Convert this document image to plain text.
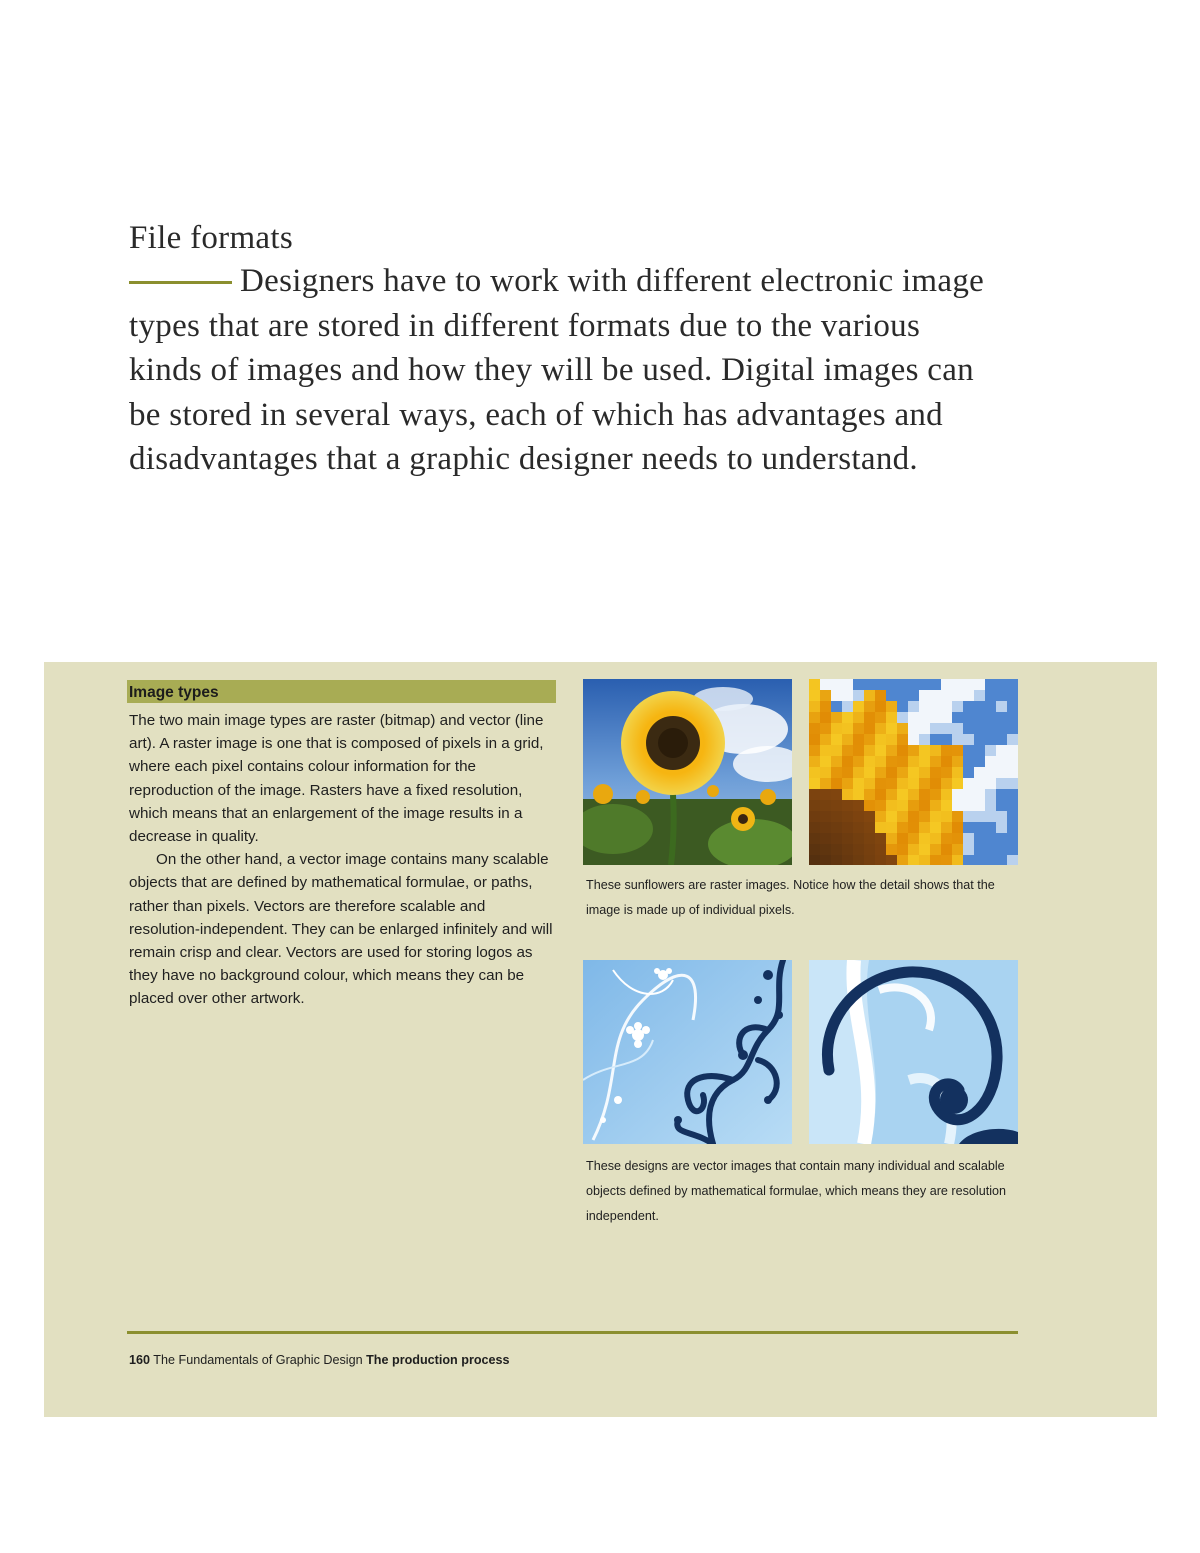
File formats

Designers have to work with different electronic image types that are stored in different formats due to the various kinds of images and how they will be used. Digital images can be stored in several ways, each of which has advantages and disadvantages that a graphic designer needs to understand.

Image types

The two main image types are raster (bitmap) and vector (line art). A raster image is one that is composed of pixels in a grid, where each pixel contains colour information for the reproduction of the image. Rasters have a fixed resolution, which means that an enlargement of the image results in a decrease in quality.

On the other hand, a vector image contains many scalable objects that are defined by mathematical formulae, or paths, rather than pixels. Vectors are therefore scalable and resolution-independent. They can be enlarged infinitely and will remain crisp and clear. Vectors are used for storing logos as they have no background colour, which means they can be placed over other artwork.

These sunflowers are raster images. Notice how the detail shows that the image is made up of individual pixels.
These designs are vector images that contain many individual and scalable objects defined by mathematical formulae, which means they are resolution independent.
160 The Fundamentals of Graphic Design The production process
